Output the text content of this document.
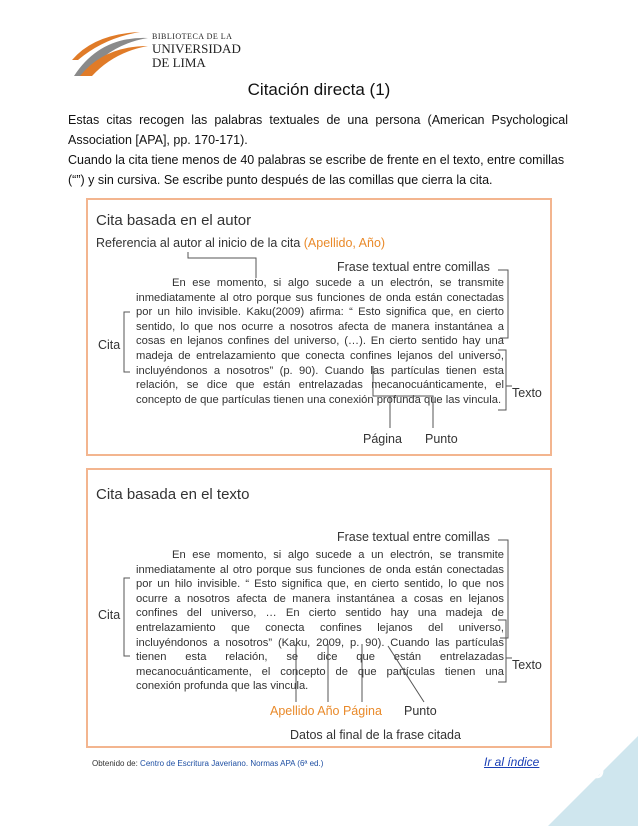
BIBLIOTECA DE LA
UNIVERSIDAD
DE LIMA
Citación directa (1)
Estas citas recogen las palabras textuales de una persona (American Psychological Association [APA], pp. 170-171).
Cuando la cita tiene menos de 40 palabras se escribe de frente en el texto, entre comillas (“”) y sin cursiva. Se escribe punto después de las comillas que cierra la cita.
Cita basada en el autor
Referencia al autor al inicio de la cita (Apellido, Año)
Frase textual entre comillas
Cita
Texto
Página Punto

En ese momento, si algo sucede a un electrón, se transmite inmediatamente al otro porque sus funciones de onda están conectadas por un hilo invisible. Kaku(2009) afirma: “ Esto significa que, en cierto sentido, lo que nos ocurre a nosotros afecta de manera instantánea a cosas en lejanos confines del universo, (…). En cierto sentido hay una madeja de entrelazamiento que conecta confines lejanos del universo, incluyéndonos a nosotros” (p. 90). Cuando las partículas tienen esta relación, se dice que están entrelazadas mecanocuánticamente, el concepto de que partículas tienen una conexión profunda que las vincula.

Cita basada en el texto
Frase textual entre comillas
Cita
Texto
Apellido Año Página Punto
Datos al final de la frase citada

En ese momento, si algo sucede a un electrón, se transmite inmediatamente al otro porque sus funciones de onda están conectadas por un hilo invisible. “ Esto significa que, en cierto sentido, lo que nos ocurre a nosotros afecta de manera instantánea a cosas en lejanos confines del universo, … En cierto sentido hay una madeja de entrelazamiento que conecta confines lejanos del universo, incluyéndonos a nosotros” (Kaku, 2009, p. 90). Cuando las partículas tienen esta relación, se dice que están entrelazadas mecanocuánticamente, el concepto de que partículas tienen una conexión profunda que las vincula.

Obtenido de: Centro de Escritura Javeriano. Normas APA (6ª ed.)	Ir al índice 6
